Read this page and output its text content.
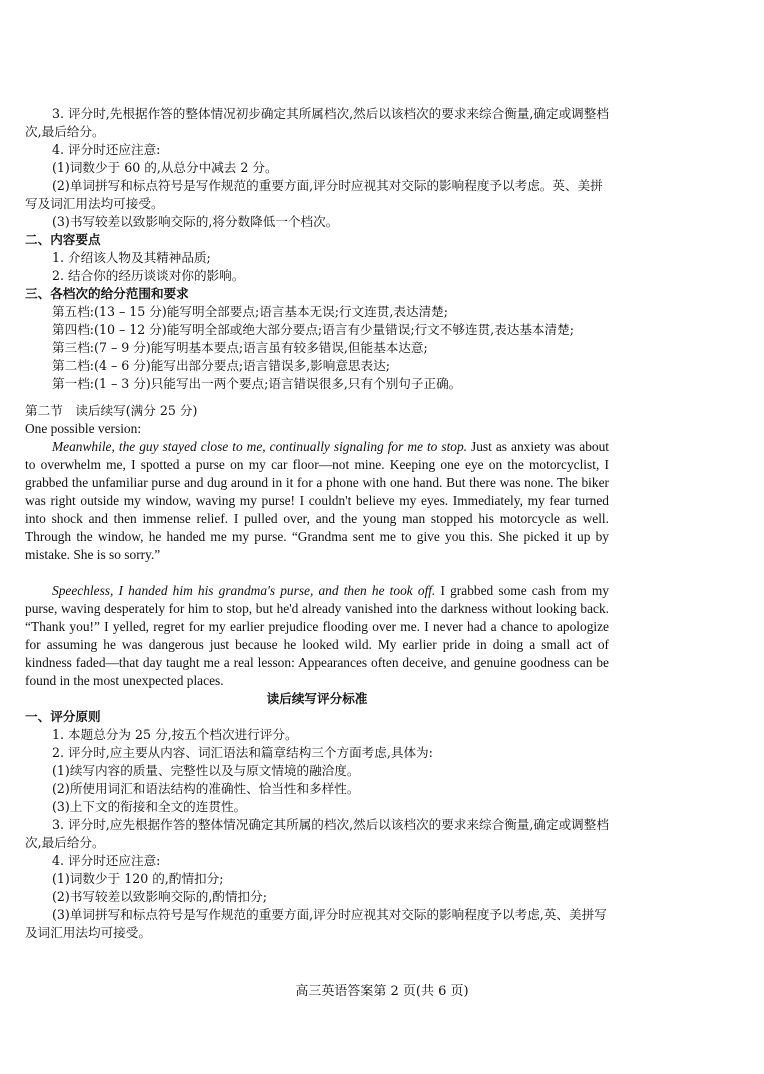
3. 评分时,先根据作答的整体情况初步确定其所属档次,然后以该档次的要求来综合衡量,确定或调整档次,最后给分。

4. 评分时还应注意:

(1)词数少于 60 的,从总分中减去 2 分。

(2)单词拼写和标点符号是写作规范的重要方面,评分时应视其对交际的影响程度予以考虑。英、美拼写及词汇用法均可接受。

(3)书写较差以致影响交际的,将分数降低一个档次。

二、内容要点

1. 介绍该人物及其精神品质;

2. 结合你的经历谈谈对你的影响。

三、各档次的给分范围和要求

第五档:(13 – 15 分)能写明全部要点;语言基本无误;行文连贯,表达清楚;

第四档:(10 – 12 分)能写明全部或绝大部分要点;语言有少量错误;行文不够连贯,表达基本清楚;

第三档:(7 – 9 分)能写明基本要点;语言虽有较多错误,但能基本达意;

第二档:(4 – 6 分)能写出部分要点;语言错误多,影响意思表达;

第一档:(1 – 3 分)只能写出一两个要点;语言错误很多,只有个别句子正确。

第二节　读后续写(满分 25 分)

One possible version:

Meanwhile, the guy stayed close to me, continually signaling for me to stop. Just as anxiety was about to overwhelm me, I spotted a purse on my car floor—not mine. Keeping one eye on the motorcyclist, I grabbed the unfamiliar purse and dug around in it for a phone with one hand. But there was none. The biker was right outside my window, waving my purse! I couldn't believe my eyes. Immediately, my fear turned into shock and then immense relief. I pulled over, and the young man stopped his motorcycle as well. Through the window, he handed me my purse. “Grandma sent me to give you this. She picked it up by mistake. She is so sorry.”

Speechless, I handed him his grandma's purse, and then he took off. I grabbed some cash from my purse, waving desperately for him to stop, but he'd already vanished into the darkness without looking back. “Thank you!” I yelled, regret for my earlier prejudice flooding over me. I never had a chance to apologize for assuming he was dangerous just because he looked wild. My earlier pride in doing a small act of kindness faded—that day taught me a real lesson: Appearances often deceive, and genuine goodness can be found in the most unexpected places.

读后续写评分标准

一、评分原则

1. 本题总分为 25 分,按五个档次进行评分。

2. 评分时,应主要从内容、词汇语法和篇章结构三个方面考虑,具体为:

(1)续写内容的质量、完整性以及与原文情境的融洽度。

(2)所使用词汇和语法结构的准确性、恰当性和多样性。

(3)上下文的衔接和全文的连贯性。

3. 评分时,应先根据作答的整体情况确定其所属的档次,然后以该档次的要求来综合衡量,确定或调整档次,最后给分。

4. 评分时还应注意:

(1)词数少于 120 的,酌情扣分;

(2)书写较差以致影响交际的,酌情扣分;

(3)单词拼写和标点符号是写作规范的重要方面,评分时应视其对交际的影响程度予以考虑,英、美拼写及词汇用法均可接受。

高三英语答案第 2 页(共 6 页)
